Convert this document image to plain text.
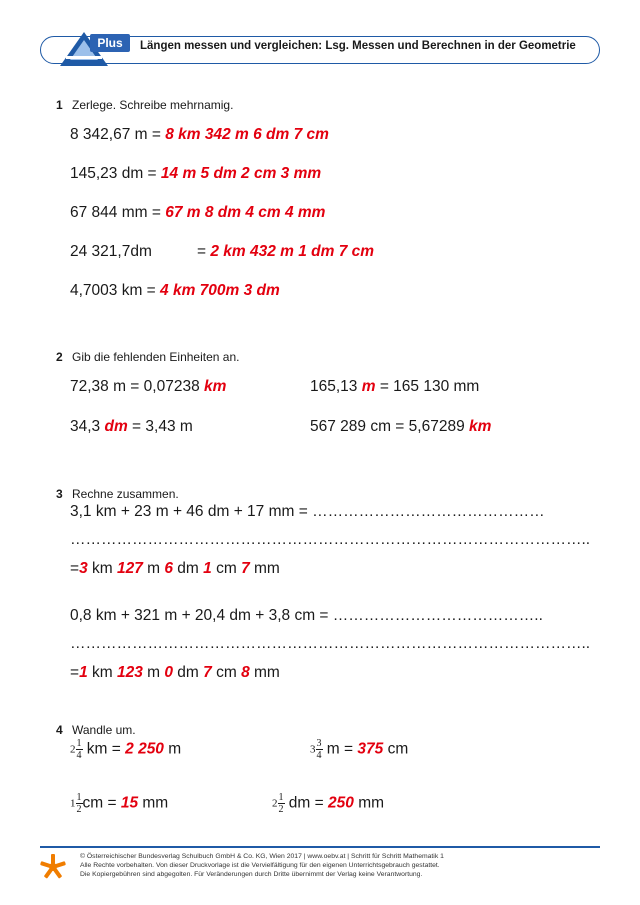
Plus	Längen messen und vergleichen: Lsg. Messen und Berechnen in der Geometrie
1 Zerlege. Schreibe mehrnamig.
8 342,67 m = 8 km 342 m 6 dm 7 cm
145,23 dm = 14 m 5 dm 2 cm 3 mm
67 844 mm = 67 m 8 dm 4 cm 4 mm
24 321,7dm	= 2 km 432 m 1 dm 7 cm
4,7003 km = 4 km 700m 3 dm
2 Gib die fehlenden Einheiten an.
72,38 m = 0,07238 km	165,13 m = 165 130 mm
34,3 dm = 3,43 m	567 289 cm = 5,67289 km
3 Rechne zusammen.
3,1 km + 23 m + 46 dm + 17 mm = ………………………………………
………………………………………………………………………………………..
=3 km 127 m 6 dm 1 cm 7 mm
0,8 km + 321 m + 20,4 dm + 3,8 cm = …………………………………..
………………………………………………………………………………………..
=1 km 123 m 0 dm 7 cm 8 mm
4 Wandle um.
$2 \frac{1}{4}$ km = 2 250 m	$3 \frac{3}{4}$ m = 375 cm
$1 \frac{1}{2}$ cm = 15 mm	$2 \frac{1}{2}$ dm = 250 mm
© Österreichischer Bundesverlag Schulbuch GmbH & Co. KG, Wien 2017 | www.oebv.at | Schritt für Schritt Mathematik 1
Alle Rechte vorbehalten. Von dieser Druckvorlage ist die Vervielfältigung für den eigenen Unterrichtsgebrauch gestattet.
Die Kopiergebühren sind abgegolten. Für Veränderungen durch Dritte übernimmt der Verlag keine Verantwortung.
